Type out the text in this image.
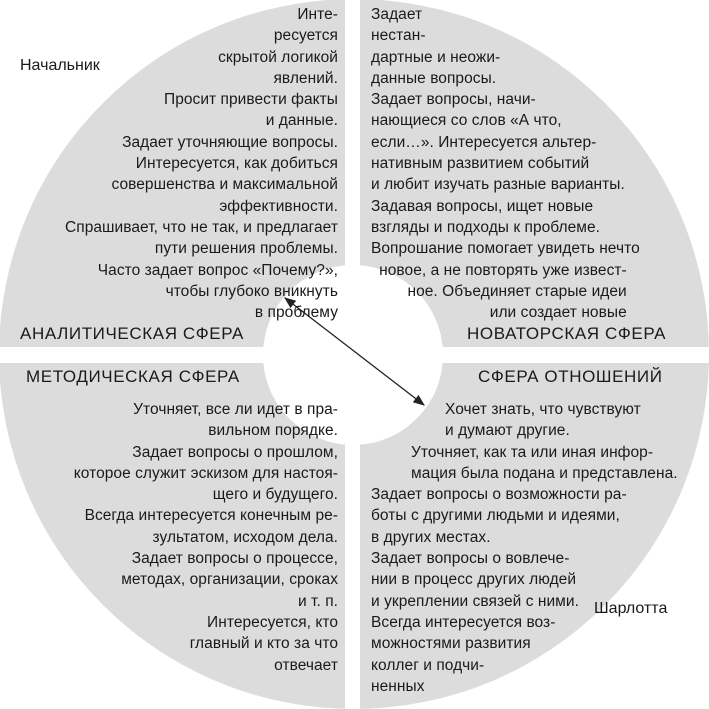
Начальник
Шарлотта
Инте-
ресуется
скрытой логикой
явлений.
Просит привести факты
и данные.
Задает уточняющие вопросы.
Интересуется, как добиться
совершенства и максимальной
эффективности.
Спрашивает, что не так, и предлагает
пути решения проблемы.
Часто задает вопрос «Почему?»,
чтобы глубоко вникнуть
в проблему
АНАЛИТИЧЕСКАЯ СФЕРА
Задает
нестан-
дартные и неожи-
данные вопросы.
Задает вопросы, начи-
нающиеся со слов «А что,
если…». Интересуется альтер-
нативным развитием событий
и любит изучать разные варианты.
Задавая вопросы, ищет новые
взгляды и подходы к проблеме.
Вопрошание помогает увидеть нечто
новое, а не повторять уже извест-
ное. Объединяет старые идеи
или создает новые
НОВАТОРСКАЯ СФЕРА
МЕТОДИЧЕСКАЯ СФЕРА
Уточняет, все ли идет в пра-
вильном порядке.
Задает вопросы о прошлом,
которое служит эскизом для настоя-
щего и будущего.
Всегда интересуется конечным ре-
зультатом, исходом дела.
Задает вопросы о процессе,
методах, организации, сроках
и т. п.
Интересуется, кто
главный и кто за что
отвечает
СФЕРА ОТНОШЕНИЙ
Хочет знать, что чувствуют
и думают другие.
Уточняет, как та или иная инфор-
мация была подана и представлена.
Задает вопросы о возможности ра-
боты с другими людьми и идеями,
в других местах.
Задает вопросы о вовлече-
нии в процесс других людей
и укреплении связей с ними.
Всегда интересуется воз-
можностями развития
коллег и подчи-
ненных
